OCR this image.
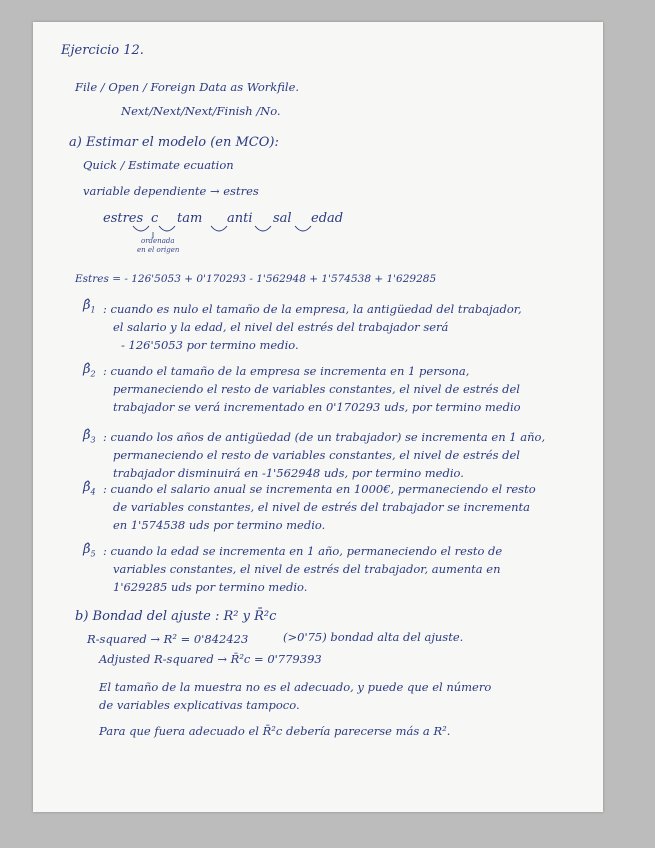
Ejercicio 12.
File / Open / Foreign Data as Workfile.
Next/Next/Next/Finish /No.
a) Estimar el modelo (en MCO):
Quick / Estimate ecuation
variable dependiente → estres
estres c tam anti sal edad
ordenada
en el origen
Estres = - 126'5053 + 0'170293 - 1'562948 + 1'574538 + 1'629285
$\betâ_1$ : cuando es nulo el tamaño de la empresa, la antigüedad del trabajador,
el salario y la edad, el nivel del estrés del trabajador será
- 126'5053 por termino medio.
$\betâ_2$ : cuando el tamaño de la empresa se incrementa en 1 persona,
permaneciendo el resto de variables constantes, el nivel de estrés del
trabajador se verá incrementado en 0'170293 uds, por termino medio
$\betâ_3$ : cuando los años de antigüedad (de un trabajador) se incrementa en 1 año,
permaneciendo el resto de variables constantes, el nivel de estrés del
trabajador disminuirá en -1'562948 uds, por termino medio.
$\betâ_4$ : cuando el salario anual se incrementa en 1000€, permaneciendo el resto
de variables constantes, el nivel de estrés del trabajador se incrementa
en 1'574538 uds por termino medio.
$\betâ_5$ : cuando la edad se incrementa en 1 año, permaneciendo el resto de
variables constantes, el nivel de estrés del trabajador, aumenta en
1'629285 uds por termino medio.
b) Bondad del ajuste : R² y R̄²c
R-squared → R² = 0'842423	(>0'75) bondad alta del ajuste.
Adjusted R-squared → R̄²c = 0'779393
El tamaño de la muestra no es el adecuado, y puede que el número
de variables explicativas tampoco.
Para que fuera adecuado el R̄²c debería parecerse más a R².
